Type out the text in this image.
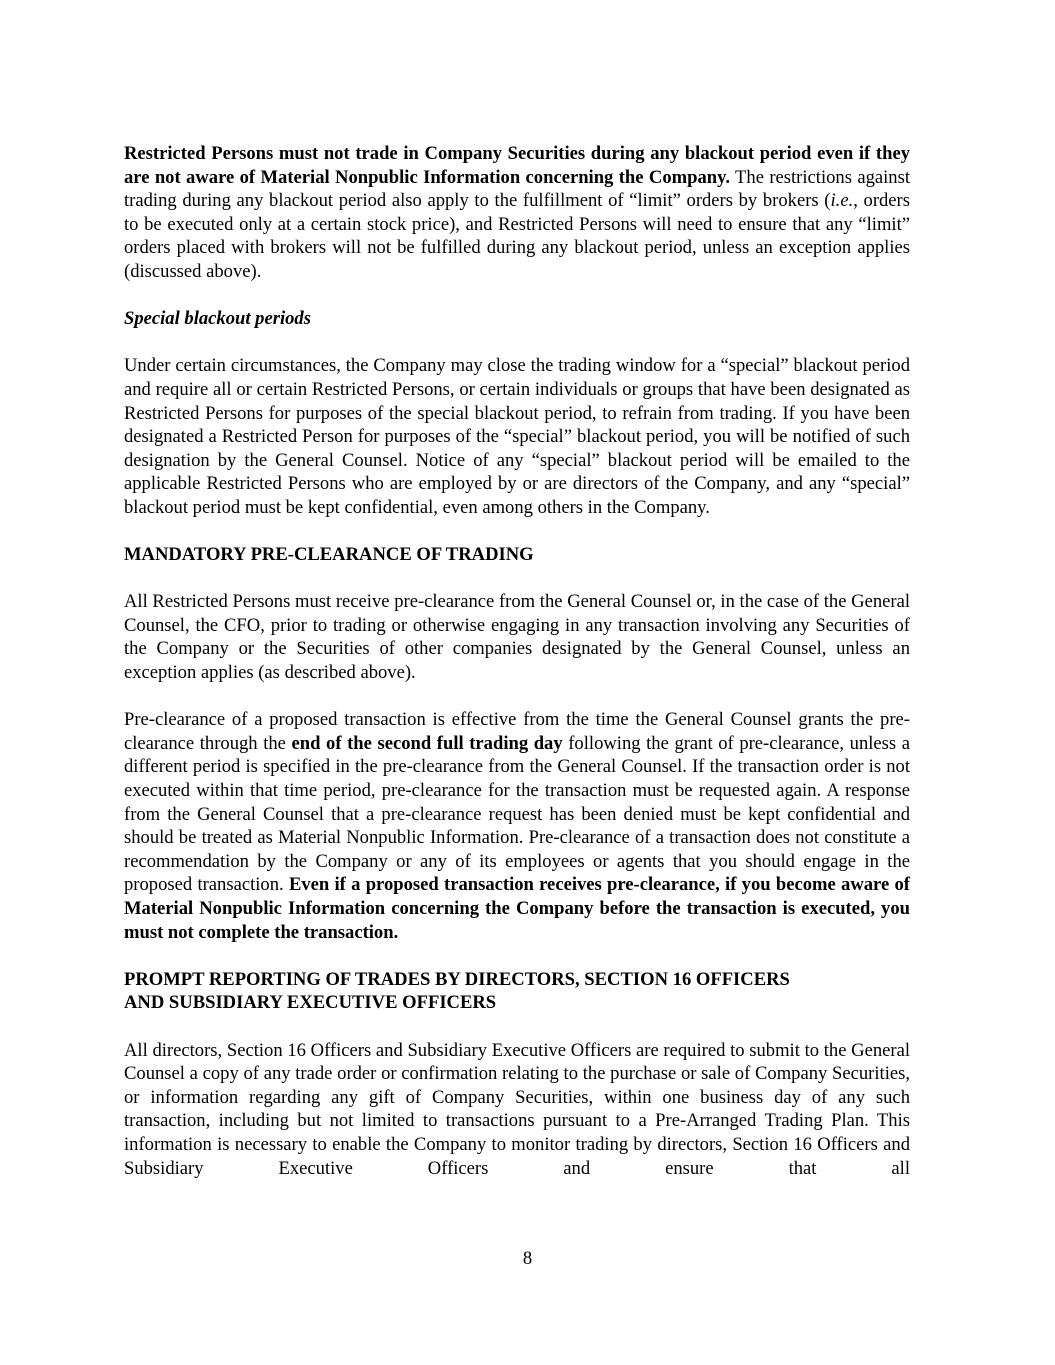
Restricted Persons must not trade in Company Securities during any blackout period even if they are not aware of Material Nonpublic Information concerning the Company. The restrictions against trading during any blackout period also apply to the fulfillment of “limit” orders by brokers (i.e., orders to be executed only at a certain stock price), and Restricted Persons will need to ensure that any “limit” orders placed with brokers will not be fulfilled during any blackout period, unless an exception applies (discussed above).

Special blackout periods

Under certain circumstances, the Company may close the trading window for a “special” blackout period and require all or certain Restricted Persons, or certain individuals or groups that have been designated as Restricted Persons for purposes of the special blackout period, to refrain from trading. If you have been designated a Restricted Person for purposes of the “special” blackout period, you will be notified of such designation by the General Counsel. Notice of any “special” blackout period will be emailed to the applicable Restricted Persons who are employed by or are directors of the Company, and any “special” blackout period must be kept confidential, even among others in the Company.

MANDATORY PRE-CLEARANCE OF TRADING

All Restricted Persons must receive pre-clearance from the General Counsel or, in the case of the General Counsel, the CFO, prior to trading or otherwise engaging in any transaction involving any Securities of the Company or the Securities of other companies designated by the General Counsel, unless an exception applies (as described above).

Pre-clearance of a proposed transaction is effective from the time the General Counsel grants the pre-clearance through the end of the second full trading day following the grant of pre-clearance, unless a different period is specified in the pre-clearance from the General Counsel. If the transaction order is not executed within that time period, pre-clearance for the transaction must be requested again. A response from the General Counsel that a pre-clearance request has been denied must be kept confidential and should be treated as Material Nonpublic Information. Pre-clearance of a transaction does not constitute a recommendation by the Company or any of its employees or agents that you should engage in the proposed transaction. Even if a proposed transaction receives pre-clearance, if you become aware of Material Nonpublic Information concerning the Company before the transaction is executed, you must not complete the transaction.

PROMPT REPORTING OF TRADES BY DIRECTORS, SECTION 16 OFFICERS
AND SUBSIDIARY EXECUTIVE OFFICERS

All directors, Section 16 Officers and Subsidiary Executive Officers are required to submit to the General Counsel a copy of any trade order or confirmation relating to the purchase or sale of Company Securities, or information regarding any gift of Company Securities, within one business day of any such transaction, including but not limited to transactions pursuant to a Pre-Arranged Trading Plan. This information is necessary to enable the Company to monitor trading by directors, Section 16 Officers and Subsidiary Executive Officers and ensure that all

8
